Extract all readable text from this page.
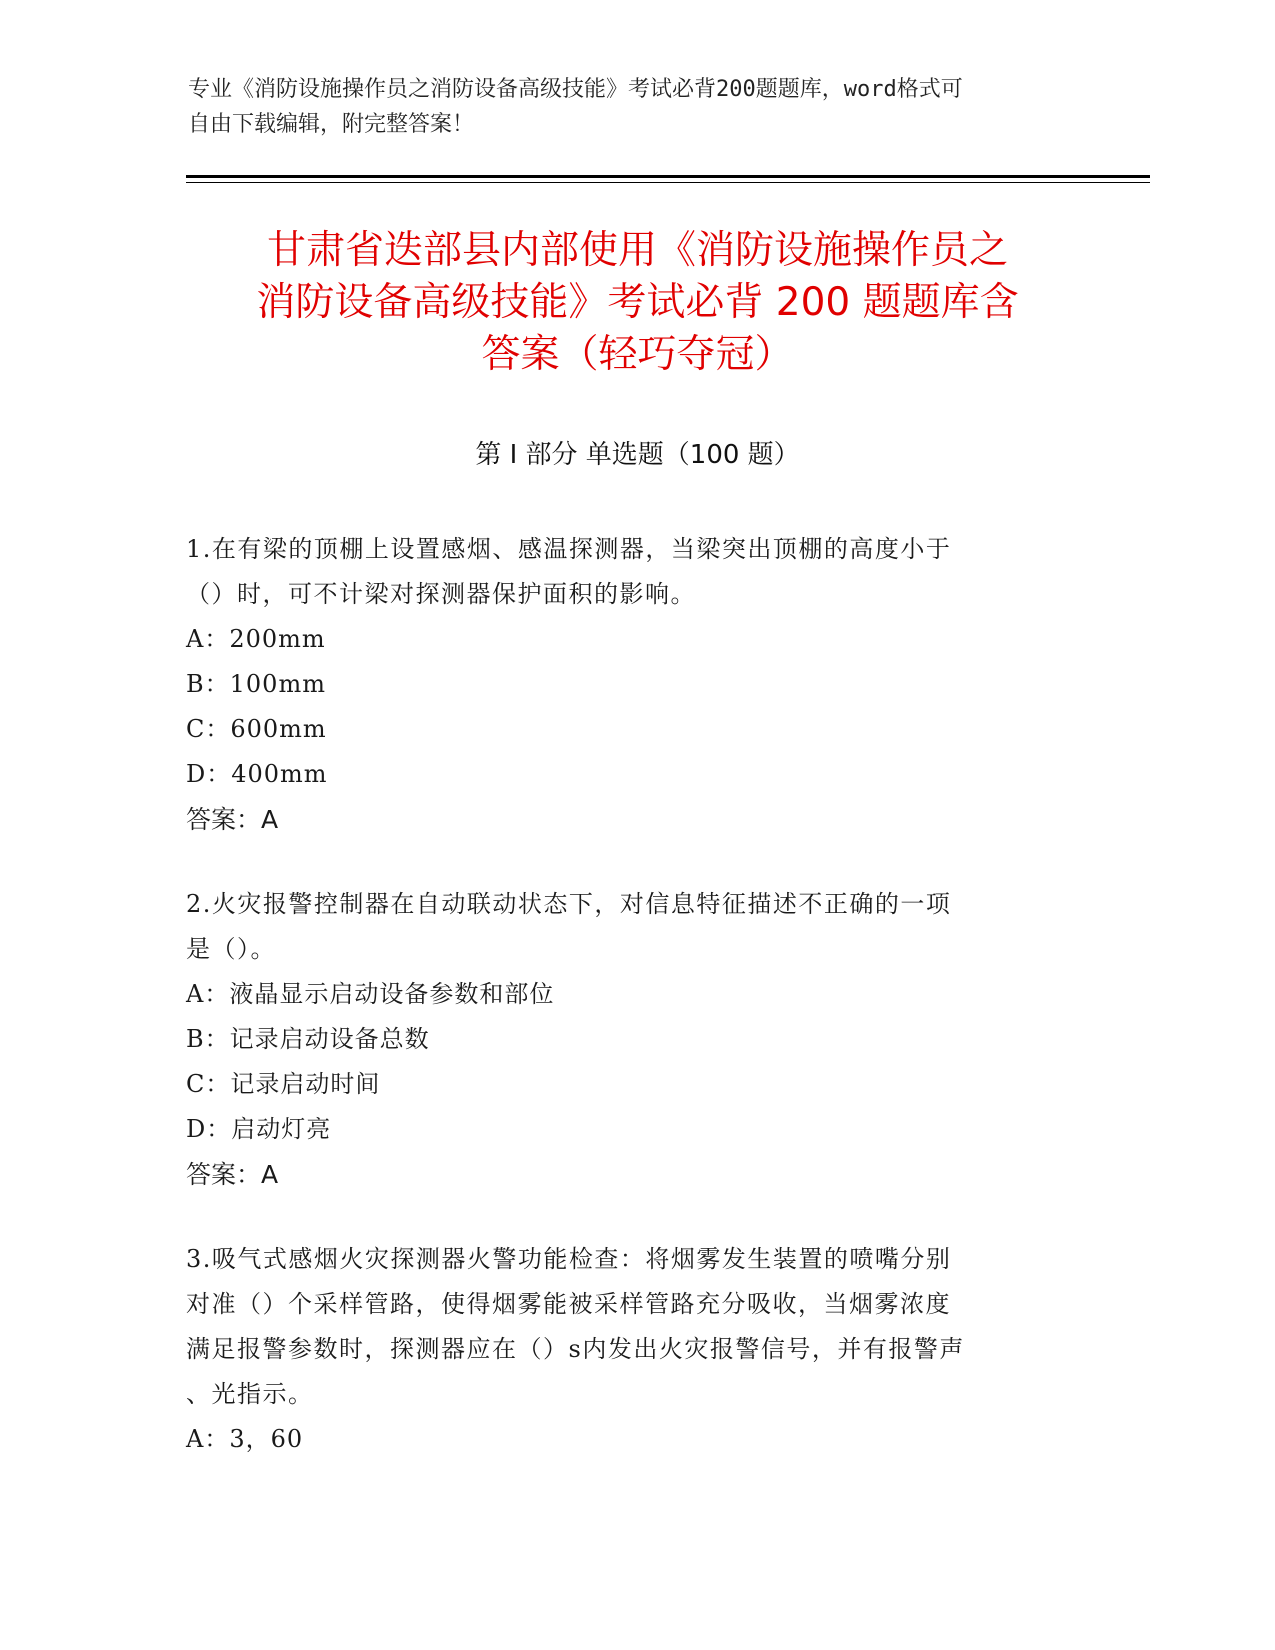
专业《消防设施操作员之消防设备高级技能》考试必背200题题库，word格式可
自由下载编辑，附完整答案！
甘肃省迭部县内部使用《消防设施操作员之
消防设备高级技能》考试必背 200 题题库含
答案（轻巧夺冠）
第 I 部分 单选题（100 题）
1.在有梁的顶棚上设置感烟、感温探测器，当梁突出顶棚的高度小于
（）时，可不计梁对探测器保护面积的影响。
A：200mm
B：100mm
C：600mm
D：400mm
答案：A
2.火灾报警控制器在自动联动状态下，对信息特征描述不正确的一项
是（）。
A：液晶显示启动设备参数和部位
B：记录启动设备总数
C：记录启动时间
D：启动灯亮
答案：A
3.吸气式感烟火灾探测器火警功能检查：将烟雾发生装置的喷嘴分别
对准（）个采样管路，使得烟雾能被采样管路充分吸收，当烟雾浓度
满足报警参数时，探测器应在（）s内发出火灾报警信号，并有报警声
、光指示。
A：3，60
